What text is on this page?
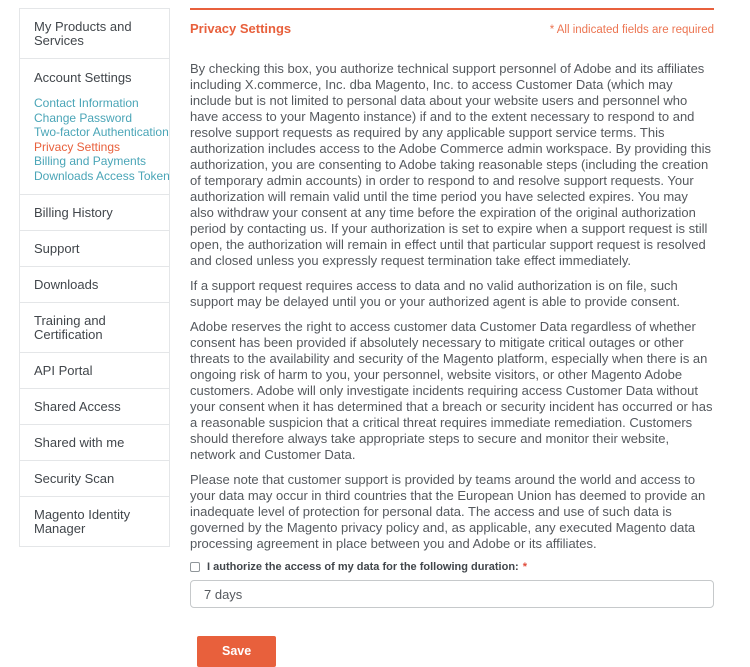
My Products and Services
Account Settings
Contact Information
Change Password
Two-factor Authentication
Privacy Settings
Billing and Payments
Downloads Access Token
Billing History
Support
Downloads
Training and Certification
API Portal
Shared Access
Shared with me
Security Scan
Magento Identity Manager
Privacy Settings	* All indicated fields are required

By checking this box, you authorize technical support personnel of Adobe and its affiliates including X.commerce, Inc. dba Magento, Inc. to access Customer Data (which may include but is not limited to personal data about your website users and personnel who have access to your Magento instance) if and to the extent necessary to respond to and resolve support requests as required by any applicable support service terms. This authorization includes access to the Adobe Commerce admin workspace. By providing this authorization, you are consenting to Adobe taking reasonable steps (including the creation of temporary admin accounts) in order to respond to and resolve support requests. Your authorization will remain valid until the time period you have selected expires. You may also withdraw your consent at any time before the expiration of the original authorization period by contacting us. If your authorization is set to expire when a support request is still open, the authorization will remain in effect until that particular support request is resolved and closed unless you expressly request termination take effect immediately.

If a support request requires access to data and no valid authorization is on file, such support may be delayed until you or your authorized agent is able to provide consent.

Adobe reserves the right to access customer data Customer Data regardless of whether consent has been provided if absolutely necessary to mitigate critical outages or other threats to the availability and security of the Magento platform, especially when there is an ongoing risk of harm to you, your personnel, website visitors, or other Magento Adobe customers. Adobe will only investigate incidents requiring access Customer Data without your consent when it has determined that a breach or security incident has occurred or has a reasonable suspicion that a critical threat requires immediate remediation. Customers should therefore always take appropriate steps to secure and monitor their website, network and Customer Data.

Please note that customer support is provided by teams around the world and access to your data may occur in third countries that the European Union has deemed to provide an inadequate level of protection for personal data. The access and use of such data is governed by the Magento privacy policy and, as applicable, any executed Magento data processing agreement in place between you and Adobe or its affiliates.

I authorize the access of my data for the following duration: *
7 days
Save
